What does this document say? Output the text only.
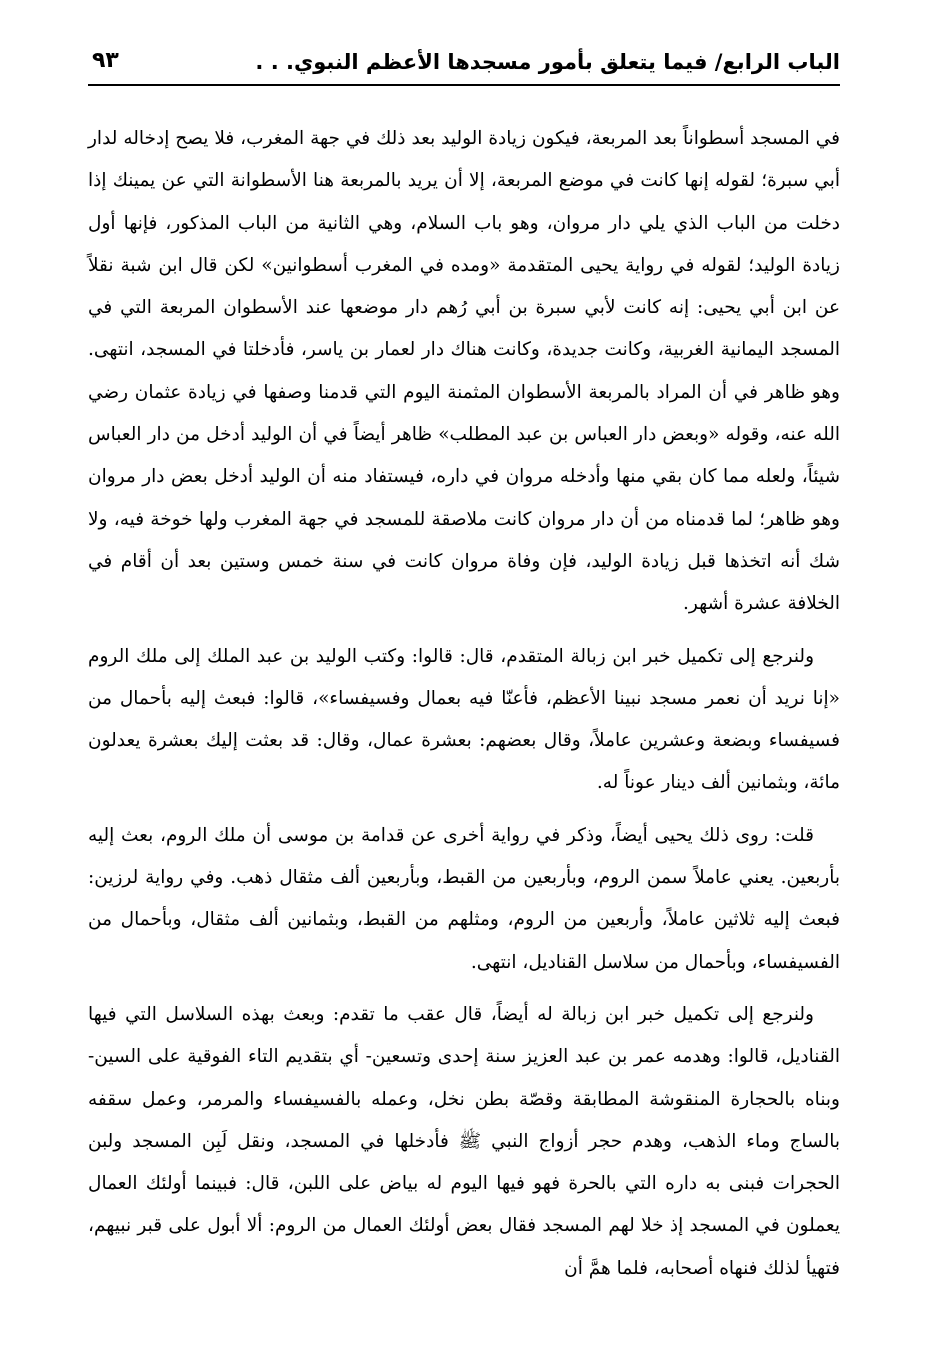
الباب الرابع/ فيما يتعلق بأمور مسجدها الأعظم النبوي. . .
٩٣

في المسجد أسطواناً بعد المربعة، فيكون زيادة الوليد بعد ذلك في جهة المغرب، فلا يصح إدخاله لدار أبي سبرة؛ لقوله إنها كانت في موضع المربعة، إلا أن يريد بالمربعة هنا الأسطوانة التي عن يمينك إذا دخلت من الباب الذي يلي دار مروان، وهو باب السلام، وهي الثانية من الباب المذكور، فإنها أول زيادة الوليد؛ لقوله في رواية يحيى المتقدمة «ومده في المغرب أسطوانين» لكن قال ابن شبة نقلاً عن ابن أبي يحيى: إنه كانت لأبي سبرة بن أبي رُهم دار موضعها عند الأسطوان المربعة التي في المسجد اليمانية الغربية، وكانت جديدة، وكانت هناك دار لعمار بن ياسر، فأدخلتا في المسجد، انتهى. وهو ظاهر في أن المراد بالمربعة الأسطوان المثمنة اليوم التي قدمنا وصفها في زيادة عثمان رضي الله عنه، وقوله «وبعض دار العباس بن عبد المطلب» ظاهر أيضاً في أن الوليد أدخل من دار العباس شيئاً، ولعله مما كان بقي منها وأدخله مروان في داره، فيستفاد منه أن الوليد أدخل بعض دار مروان وهو ظاهر؛ لما قدمناه من أن دار مروان كانت ملاصقة للمسجد في جهة المغرب ولها خوخة فيه، ولا شك أنه اتخذها قبل زيادة الوليد، فإن وفاة مروان كانت في سنة خمس وستين بعد أن أقام في الخلافة عشرة أشهر.

ولنرجع إلى تكميل خبر ابن زبالة المتقدم، قال: قالوا: وكتب الوليد بن عبد الملك إلى ملك الروم «إنا نريد أن نعمر مسجد نبينا الأعظم، فأعنّا فيه بعمال وفسيفساء»، قالوا: فبعث إليه بأحمال من فسيفساء وبضعة وعشرين عاملاً، وقال بعضهم: بعشرة عمال، وقال: قد بعثت إليك بعشرة يعدلون مائة، وبثمانين ألف دينار عوناً له.

قلت: روى ذلك يحيى أيضاً، وذكر في رواية أخرى عن قدامة بن موسى أن ملك الروم، بعث إليه بأربعين. يعني عاملاً سمن الروم، وبأربعين من القبط، وبأربعين ألف مثقال ذهب. وفي رواية لرزين: فبعث إليه ثلاثين عاملاً، وأربعين من الروم، ومثلهم من القبط، وبثمانين ألف مثقال، وبأحمال من الفسيفساء، وبأحمال من سلاسل القناديل، انتهى.

ولنرجع إلى تكميل خبر ابن زبالة له أيضاً، قال عقب ما تقدم: وبعث بهذه السلاسل التي فيها القناديل، قالوا: وهدمه عمر بن عبد العزيز سنة إحدى وتسعين- أي بتقديم التاء الفوقية على السين- وبناه بالحجارة المنقوشة المطابقة وقصّة بطن نخل، وعمله بالفسيفساء والمرمر، وعمل سقفه بالساج وماء الذهب، وهدم حجر أزواج النبي ﷺ فأدخلها في المسجد، ونقل لَبِن المسجد ولبن الحجرات فبنى به داره التي بالحرة فهو فيها اليوم له بياض على اللبن، قال: فبينما أولئك العمال يعملون في المسجد إذ خلا لهم المسجد فقال بعض أولئك العمال من الروم: ألا أبول على قبر نبيهم، فتهيأ لذلك فنهاه أصحابه، فلما همَّ أن
